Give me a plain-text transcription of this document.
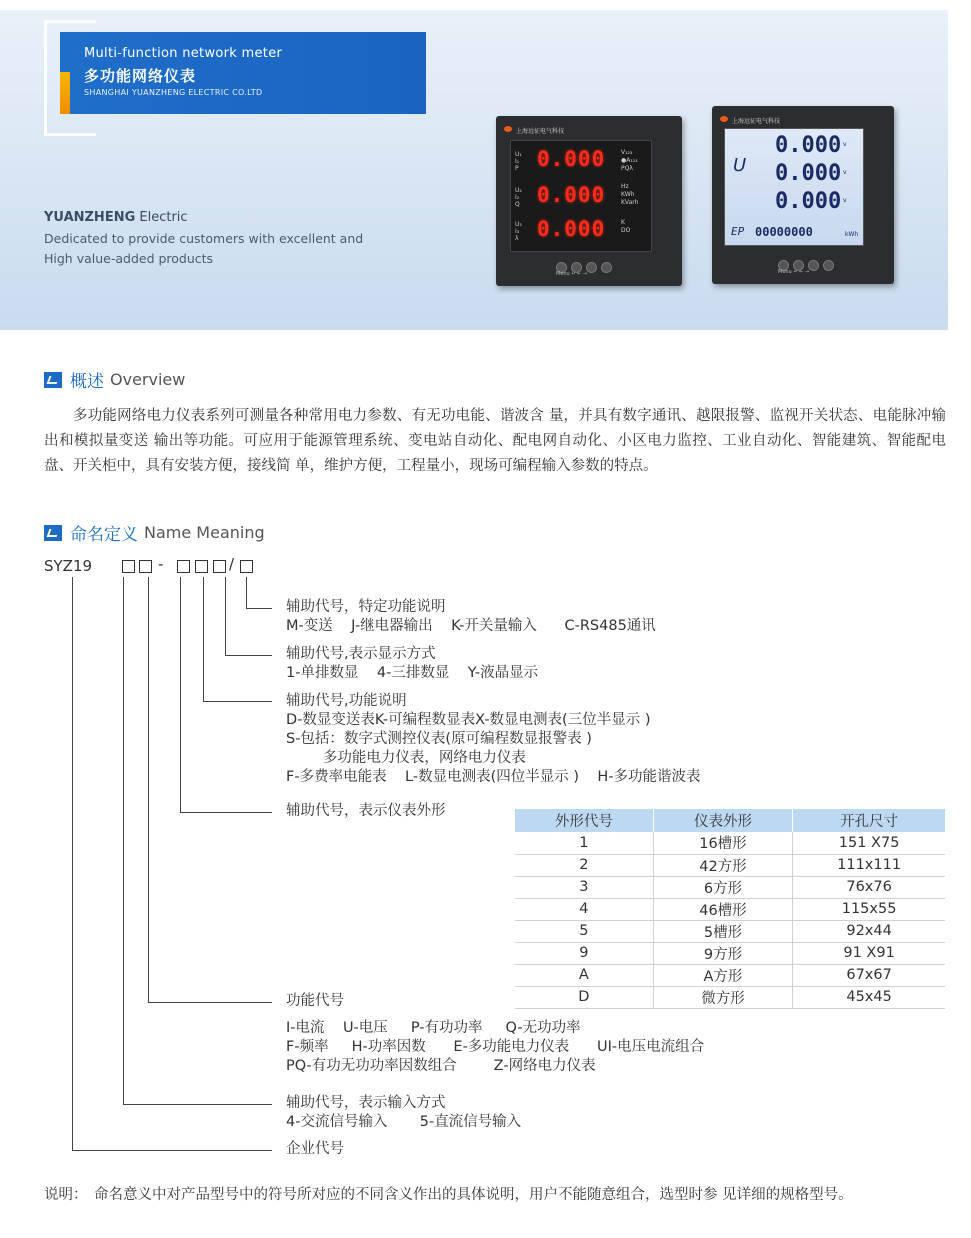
Multi-function network meter
多功能网络仪表
SHANGHAI YUANZHENG ELECTRIC CO.LTD
YUANZHENG Electric
Dedicated to provide customers with excellent and
High value-added products
上海远征电气科技
U₁
I₁
P
U₂
I₂
Q
U₃
I₃
λ
0.000
0.000
0.000
V₁₂₃
●A₁₂₃
PQλ
Hz
KWh
KVarh
K
DO
Menu ↵ ← →
上海远征电气科技
U
0.000
0.000
0.000
v
v
v
EP 00000000	kWh
Menu ↵ ← →
概述 Overview

多功能网络电力仪表系列可测量各种常用电力参数、有无功电能、谐波含 量，并具有数字通讯、越限报警、监视开关状态、电能脉冲输出和模拟量变送 输出等功能。可应用于能源管理系统、变电站自动化、配电网自动化、小区电力监控、工业自动化、智能建筑、智能配电盘、开关柜中，具有安装方便，接线简 单，维护方便，工程量小，现场可编程输入参数的特点。

命名定义 Name Meaning
SYZ19	-	/
辅助代号，特定功能说明
M-变送    J-继电器输出    K-开关量输入      C-RS485通讯
辅助代号,表示显示方式
1-单排数显    4-三排数显    Y-液晶显示
辅助代号,功能说明
D-数显变送表K-可编程数显表X-数显电测表(三位半显示 )
S-包括：数字式测控仪表(原可编程数显报警表 )
多功能电力仪表，网络电力仪表
F-多费率电能表    L-数显电测表(四位半显示 )    H-多功能谐波表
辅助代号，表示仪表外形
外形代号	仪表外形	开孔尺寸
1	16槽形	151 X75
2	42方形	111x111
3	6方形	76x76
4	46槽形	115x55
5	5槽形	92x44
9	9方形	91 X91
A	A方形	67x67
D	微方形	45x45
功能代号
Ⅰ-电流    U-电压     P-有功功率     Q-无功功率
F-频率     H-功率因数      E-多功能电力仪表      UI-电压电流组合
PQ-有功无功功率因数组合        Z-网络电力仪表
辅助代号，表示输入方式
4-交流信号输入       5-直流信号输入
企业代号
说明： 命名意义中对产品型号中的符号所对应的不同含义作出的具体说明，用户不能随意组合，选型时参 见详细的规格型号。
